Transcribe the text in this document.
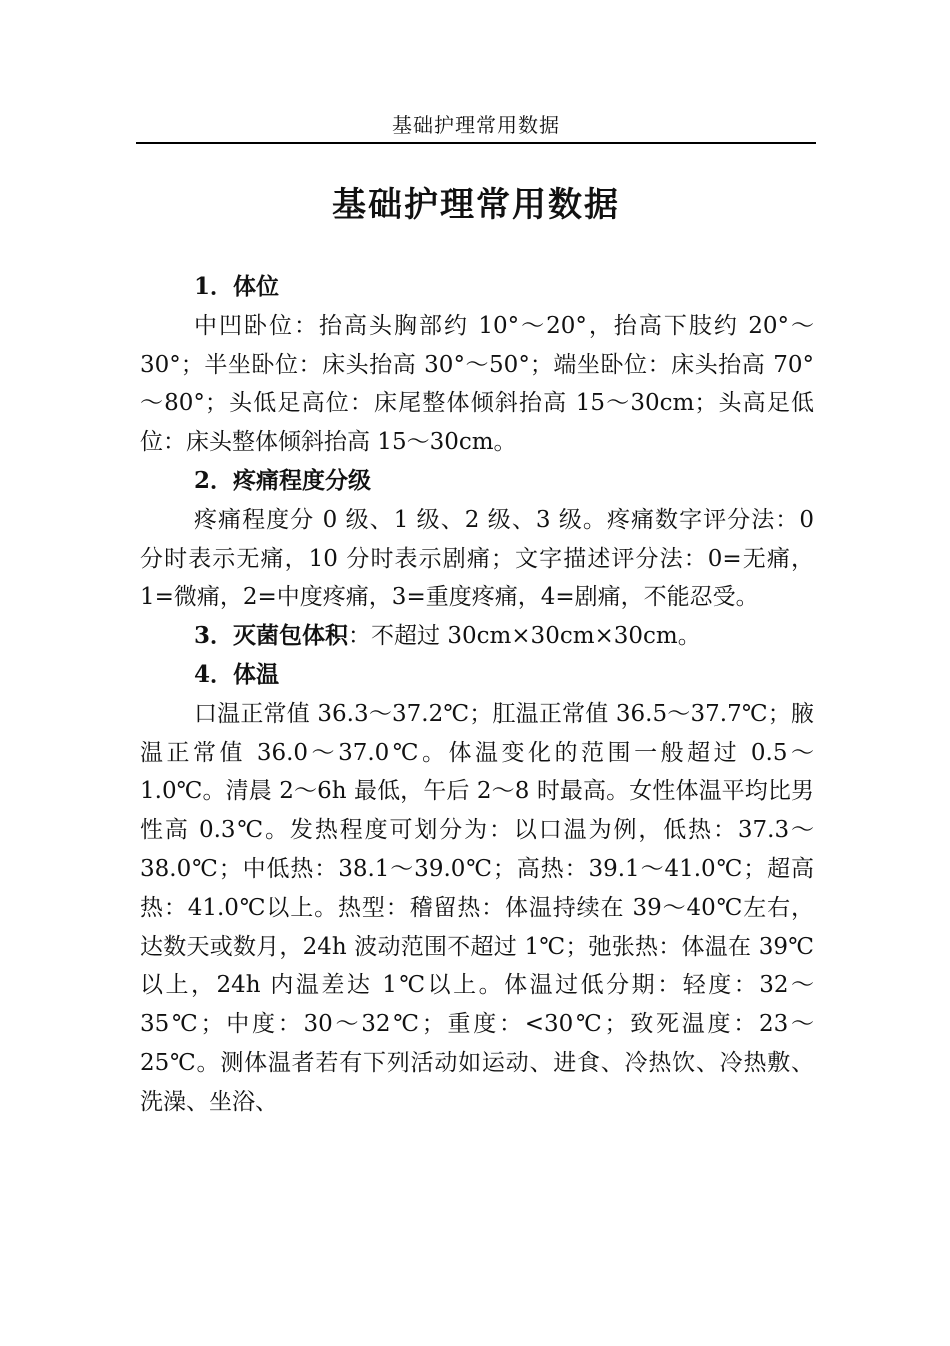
基础护理常用数据
基础护理常用数据

1．体位

中凹卧位：抬高头胸部约 10°～20°，抬高下肢约 20°～30°；半坐卧位：床头抬高 30°～50°；端坐卧位：床头抬高 70°～80°；头低足高位：床尾整体倾斜抬高 15～30cm；头高足低位：床头整体倾斜抬高 15～30cm。

2．疼痛程度分级

疼痛程度分 0 级、1 级、2 级、3 级。疼痛数字评分法：0 分时表示无痛，10 分时表示剧痛；文字描述评分法：0=无痛，1=微痛，2=中度疼痛，3=重度疼痛，4=剧痛，不能忍受。

3．灭菌包体积：不超过 30cm×30cm×30cm。

4．体温

口温正常值 36.3～37.2℃；肛温正常值 36.5～37.7℃；腋温正常值 36.0～37.0℃。体温变化的范围一般超过 0.5～1.0℃。清晨 2～6h 最低，午后 2～8 时最高。女性体温平均比男性高 0.3℃。发热程度可划分为：以口温为例，低热：37.3～38.0℃；中低热：38.1～39.0℃；高热：39.1～41.0℃；超高热：41.0℃以上。热型：稽留热：体温持续在 39～40℃左右，达数天或数月，24h 波动范围不超过 1℃；弛张热：体温在 39℃以上，24h 内温差达 1℃以上。体温过低分期：轻度：32～35℃；中度：30～32℃；重度：<30℃；致死温度：23～25℃。测体温者若有下列活动如运动、进食、冷热饮、冷热敷、洗澡、坐浴、
